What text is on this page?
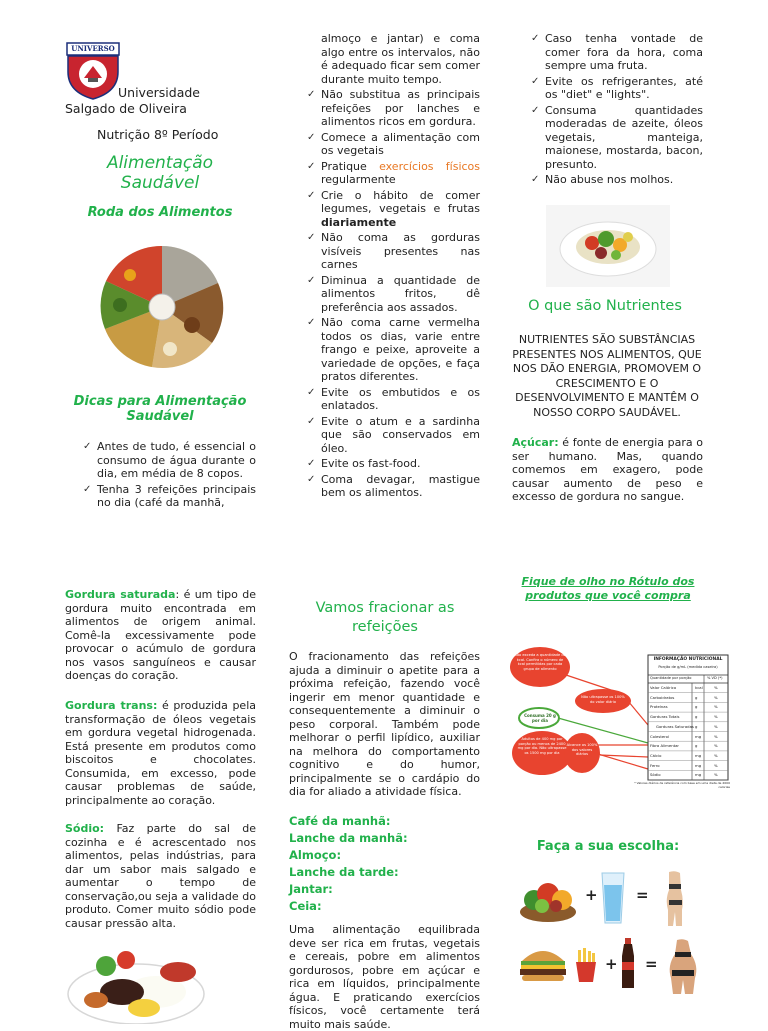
UNIVERSO
Universidade
Salgado de Oliveira
Nutrição 8º Período
Alimentação
Saudável
Roda dos Alimentos
Dicas para Alimentação
Saudável
✓ Antes de tudo, é essencial o consumo de água durante o dia, em média de 8 copos.
✓ Tenha 3 refeições principais no dia (café da manhã,

almoço e jantar) e coma algo entre os intervalos, não é adequado ficar sem comer durante muito tempo.

✓ Não substitua as principais refeições por lanches e alimentos ricos em gordura.
✓ Comece a alimentação com os vegetais
✓ Pratique exercícios físicos regularmente
✓ Crie o hábito de comer legumes, vegetais e frutas diariamente
✓ Não coma as gorduras visíveis presentes nas carnes
✓ Diminua a quantidade de alimentos fritos, dê preferência aos assados.
✓ Não coma carne vermelha todos os dias, varie entre frango e peixe, aproveite a variedade de opções, e faça pratos diferentes.
✓ Evite os embutidos e os enlatados.
✓ Evite o atum e a sardinha que são conservados em óleo.
✓ Evite os fast-food.
✓ Coma devagar, mastigue bem os alimentos.
✓ Caso tenha vontade de comer fora da hora, coma sempre uma fruta.
✓ Evite os refrigerantes, até os "diet" e "lights".
✓ Consuma quantidades moderadas de azeite, óleos vegetais, manteiga, maionese, mostarda, bacon, presunto.
✓ Não abuse nos molhos.
O que são Nutrientes

NUTRIENTES SÃO SUBSTÂNCIAS PRESENTES NOS ALIMENTOS, QUE NOS DÃO ENERGIA, PROMOVEM O CRESCIMENTO E O DESENVOLVIMENTO E MANTÊM O NOSSO CORPO SAUDÁVEL.

Açúcar: é fonte de energia para o ser humano. Mas, quando comemos em exagero, pode causar aumento de peso e excesso de gordura no sangue.

Gordura saturada: é um tipo de gordura muito encontrada em alimentos de origem animal. Comê-la excessivamente pode provocar o acúmulo de gordura nos vasos sanguíneos e causar doenças do coração.

Gordura trans: é produzida pela transformação de óleos vegetais em gordura vegetal hidrogenada. Está presente em produtos como biscoitos e chocolates. Consumida, em excesso, pode causar problemas de saúde, principalmente ao coração.

Sódio: Faz parte do sal de cozinha e é acrescentado nos alimentos, pelas indústrias, para dar um sabor mais salgado e aumentar o tempo de conservação,ou seja a validade do produto. Comer muito sódio pode causar pressão alta.

Vamos fracionar as
refeições

O fracionamento das refeições ajuda a diminuir o apetite para a próxima refeição, fazendo você ingerir em menor quantidade e consequentemente a diminuir o peso corporal. Também pode melhorar o perfil lipídico, auxiliar na melhora do comportamento cognitivo e do humor, principalmente se o cardápio do dia for aliado a atividade física.

Café da manhã:
Lanche da manhã:
Almoço:
Lanche da tarde:
Jantar:
Ceia:

Uma alimentação equilibrada deve ser rica em frutas, vegetais e cereais, pobre em alimentos gordurosos, pobre em açúcar e rica em líquidos, principalmente água. E praticando exercícios físicos, você certamente terá muito mais saúde.

Fique de olho no Rótulo dos
produtos que você compra
Não exceda a quantidade de kcal. Confira o número de kcal permitidas por cada grupo de alimento
Não ultrapasse os 100% do valor diário
Consuma 20 g por dia
Adultos de 400 mg por porção ou menos de 2400 mg por dia. Não ultrapasse os 1500 mg por dia
Alcance os 100% dos valores diários
INFORMAÇÃO NUTRICIONAL
Porção de g/mL (medida caseira)
Quantidade por porção	% VD (*)
Valor Calórico	kcal	%
Carboidratos	g	%
Proteínas	g	%
Gorduras Totais	g	%
Gorduras Saturadas g	%
Colesterol	mg	%
Fibra Alimentar	g	%
Cálcio	mg	%
Ferro	mg	%
Sódio	mg	%
* Valores diários de referência com base em uma dieta de 2000 calorias
Faça a sua escolha:
+	=
+ =
